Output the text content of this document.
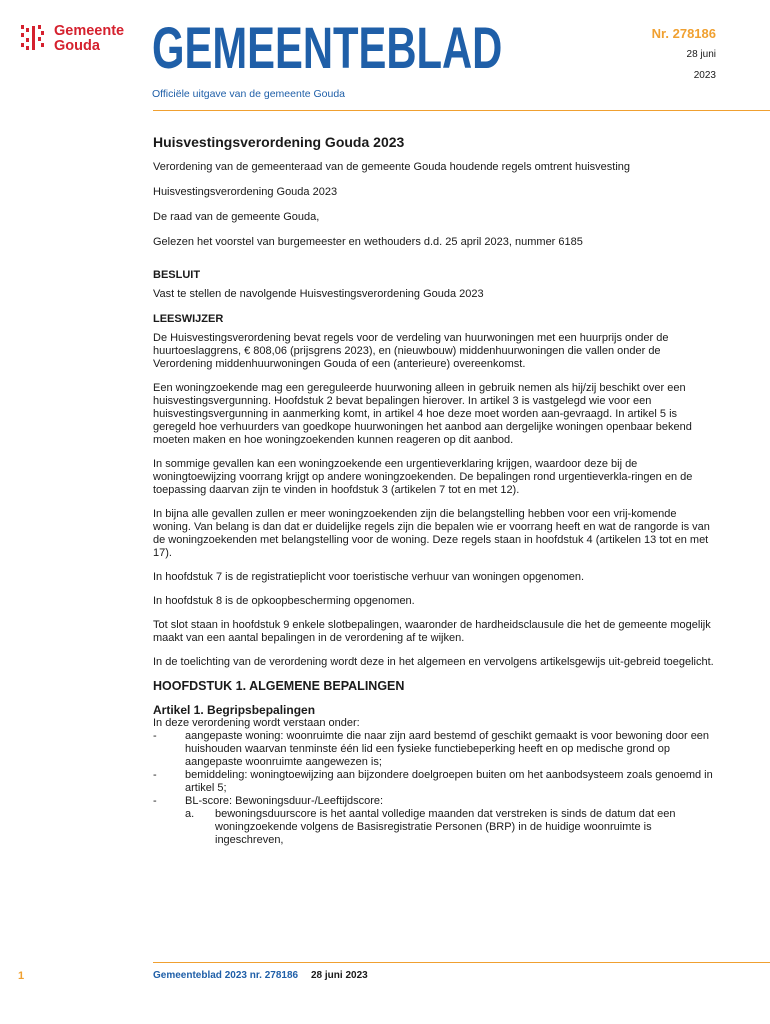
Gemeente
Gouda GEMEENTEBLAD
Officiële uitgave van de gemeente Gouda
Nr. 278186
28 juni
2023

Huisvestingsverordening Gouda 2023

Verordening van de gemeenteraad van de gemeente Gouda houdende regels omtrent huisvesting

Huisvestingsverordening Gouda 2023

De raad van de gemeente Gouda,

Gelezen het voorstel van burgemeester en wethouders d.d. 25 april 2023, nummer 6185

BESLUIT

Vast te stellen de navolgende Huisvestingsverordening Gouda 2023

LEESWIJZER

De Huisvestingsverordening bevat regels voor de verdeling van huurwoningen met een huurprijs onder de huurtoeslaggrens, € 808,06 (prijsgrens 2023), en (nieuwbouw) middenhuurwoningen die vallen onder de Verordening middenhuurwoningen Gouda of een (anterieure) overeenkomst.

Een woningzoekende mag een gereguleerde huurwoning alleen in gebruik nemen als hij/zij beschikt over een huisvestingsvergunning. Hoofdstuk 2 bevat bepalingen hierover. In artikel 3 is vastgelegd wie voor een huisvestingsvergunning in aanmerking komt, in artikel 4 hoe deze moet worden aan-gevraagd. In artikel 5 is geregeld hoe verhuurders van goedkope huurwoningen het aanbod aan dergelijke woningen openbaar bekend moeten maken en hoe woningzoekenden kunnen reageren op dit aanbod.

In sommige gevallen kan een woningzoekende een urgentieverklaring krijgen, waardoor deze bij de woningtoewijzing voorrang krijgt op andere woningzoekenden. De bepalingen rond urgentieverkla-ringen en de toepassing daarvan zijn te vinden in hoofdstuk 3 (artikelen 7 tot en met 12).

In bijna alle gevallen zullen er meer woningzoekenden zijn die belangstelling hebben voor een vrij-komende woning. Van belang is dan dat er duidelijke regels zijn die bepalen wie er voorrang heeft en wat de rangorde is van de woningzoekenden met belangstelling voor de woning. Deze regels staan in hoofdstuk 4 (artikelen 13 tot en met 17).

In hoofdstuk 7 is de registratieplicht voor toeristische verhuur van woningen opgenomen.

In hoofdstuk 8 is de opkoopbescherming opgenomen.

Tot slot staan in hoofdstuk 9 enkele slotbepalingen, waaronder de hardheidsclausule die het de gemeente mogelijk maakt van een aantal bepalingen in de verordening af te wijken.

In de toelichting van de verordening wordt deze in het algemeen en vervolgens artikelsgewijs uit-gebreid toegelicht.

HOOFDSTUK 1. ALGEMENE BEPALINGEN

Artikel 1. Begripsbepalingen

In deze verordening wordt verstaan onder:

-	aangepaste woning: woonruimte die naar zijn aard bestemd of geschikt gemaakt is voor bewoning door een huishouden waarvan tenminste één lid een fysieke functiebeperking heeft en op medische grond op aangepaste woonruimte aangewezen is;
-	bemiddeling: woningtoewijzing aan bijzondere doelgroepen buiten om het aanbodsysteem zoals genoemd in artikel 5;
-	BL-score: Bewoningsduur-/Leeftijdscore:
a. bewoningsduurscore is het aantal volledige maanden dat verstreken is sinds de datum dat een woningzoekende volgens de Basisregistratie Personen (BRP) in de huidige woonruimte is ingeschreven,
1	Gemeenteblad 2023 nr. 278186 28 juni 2023
